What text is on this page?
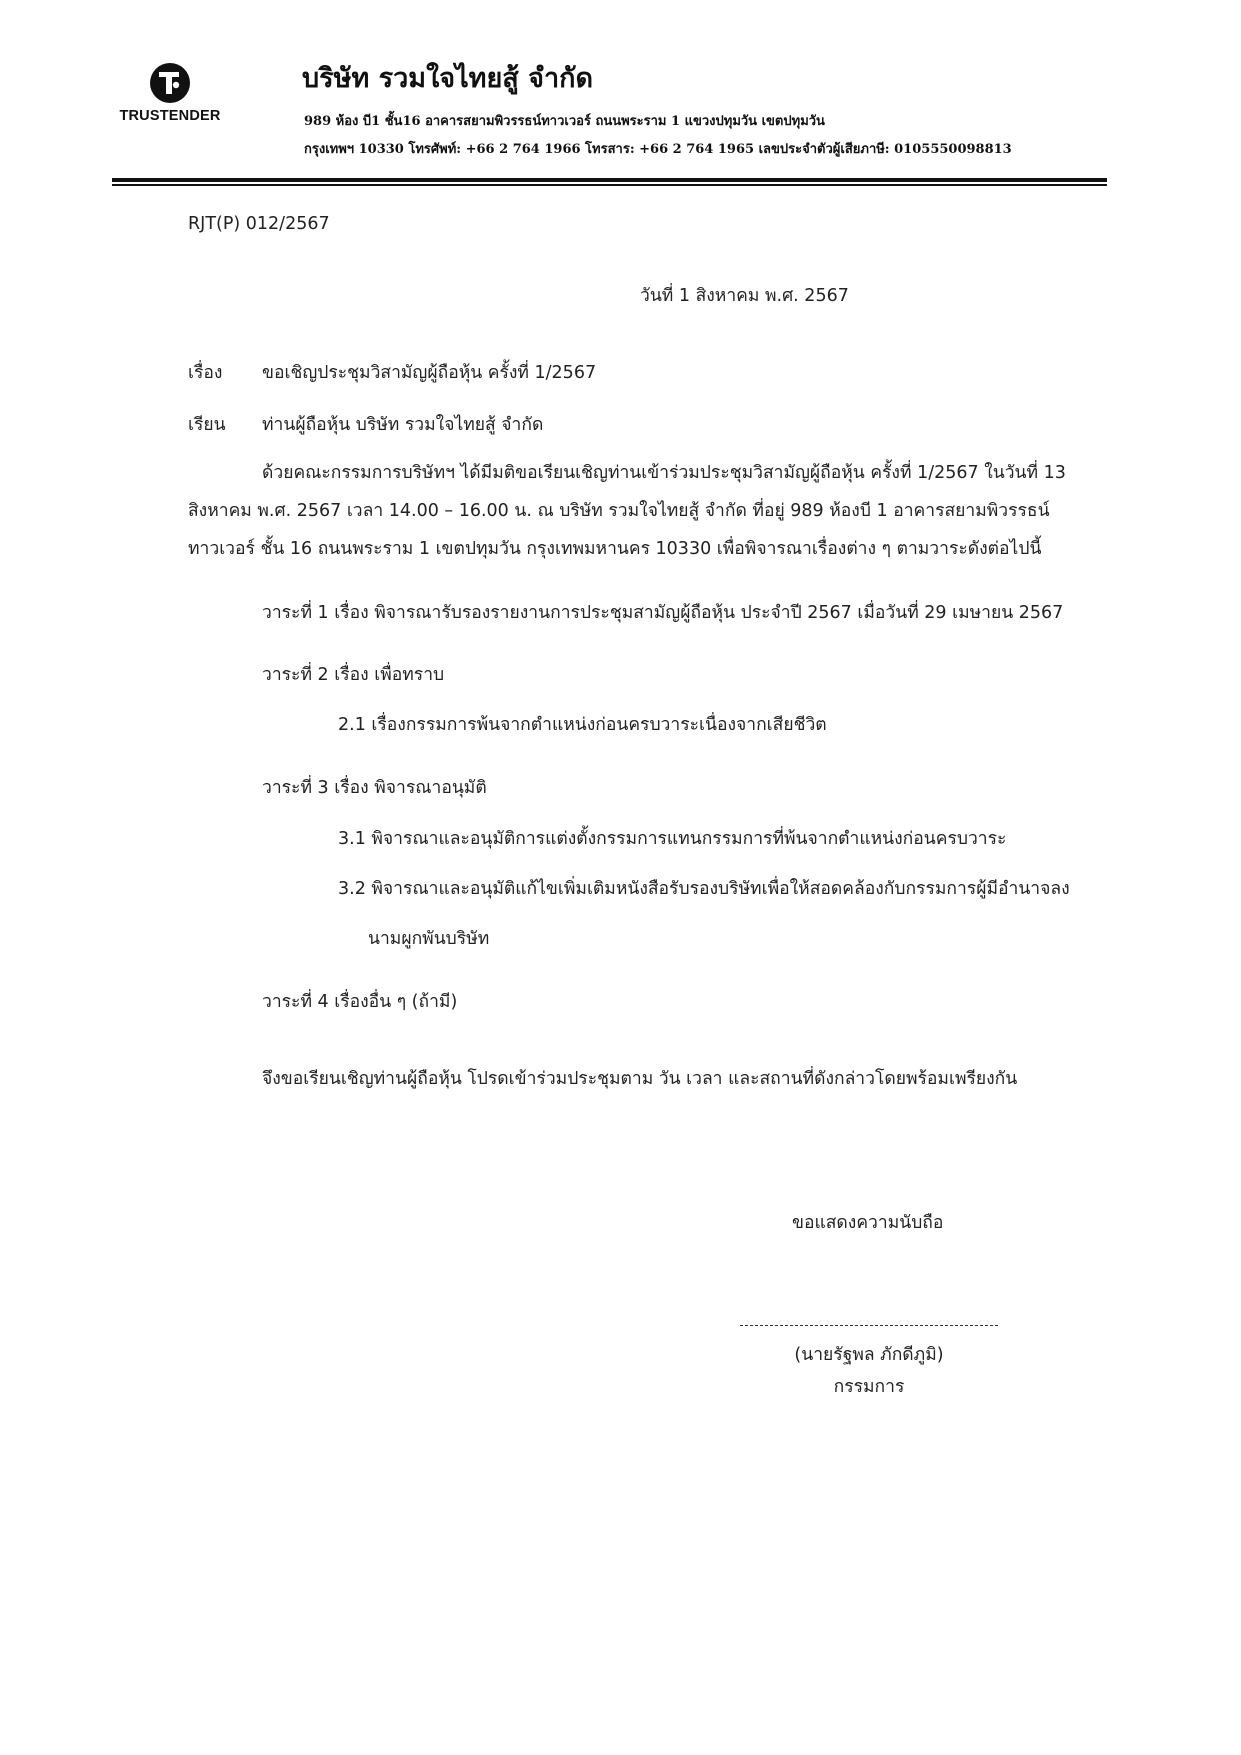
TRUSTENDER
บริษัท รวมใจไทยสู้ จำกัด
989 ห้อง บี1 ชั้น16 อาคารสยามพิวรรธน์ทาวเวอร์ ถนนพระราม 1 แขวงปทุมวัน เขตปทุมวัน
กรุงเทพฯ 10330 โทรศัพท์: +66 2 764 1966 โทรสาร: +66 2 764 1965 เลขประจำตัวผู้เสียภาษี: 0105550098813
RJT(P) 012/2567
วันที่ 1 สิงหาคม พ.ศ. 2567
เรื่อง ขอเชิญประชุมวิสามัญผู้ถือหุ้น ครั้งที่ 1/2567
เรียน ท่านผู้ถือหุ้น บริษัท รวมใจไทยสู้ จำกัด
ด้วยคณะกรรมการบริษัทฯ ได้มีมติขอเรียนเชิญท่านเข้าร่วมประชุมวิสามัญผู้ถือหุ้น ครั้งที่ 1/2567 ในวันที่ 13
สิงหาคม พ.ศ. 2567 เวลา 14.00 – 16.00 น. ณ บริษัท รวมใจไทยสู้ จำกัด ที่อยู่ 989 ห้องบี 1 อาคารสยามพิวรรธน์
ทาวเวอร์ ชั้น 16 ถนนพระราม 1 เขตปทุมวัน กรุงเทพมหานคร 10330 เพื่อพิจารณาเรื่องต่าง ๆ ตามวาระดังต่อไปนี้
วาระที่ 1 เรื่อง พิจารณารับรองรายงานการประชุมสามัญผู้ถือหุ้น ประจำปี 2567 เมื่อวันที่ 29 เมษายน 2567
วาระที่ 2 เรื่อง เพื่อทราบ
2.1 เรื่องกรรมการพ้นจากตำแหน่งก่อนครบวาระเนื่องจากเสียชีวิต
วาระที่ 3 เรื่อง พิจารณาอนุมัติ
3.1 พิจารณาและอนุมัติการแต่งตั้งกรรมการแทนกรรมการที่พ้นจากตำแหน่งก่อนครบวาระ
3.2 พิจารณาและอนุมัติแก้ไขเพิ่มเติมหนังสือรับรองบริษัทเพื่อให้สอดคล้องกับกรรมการผู้มีอำนาจลง
นามผูกพันบริษัท
วาระที่ 4 เรื่องอื่น ๆ (ถ้ามี)
จึงขอเรียนเชิญท่านผู้ถือหุ้น โปรดเข้าร่วมประชุมตาม วัน เวลา และสถานที่ดังกล่าวโดยพร้อมเพรียงกัน
ขอแสดงความนับถือ
(นายรัฐพล ภักดีภูมิ)
กรรมการ
